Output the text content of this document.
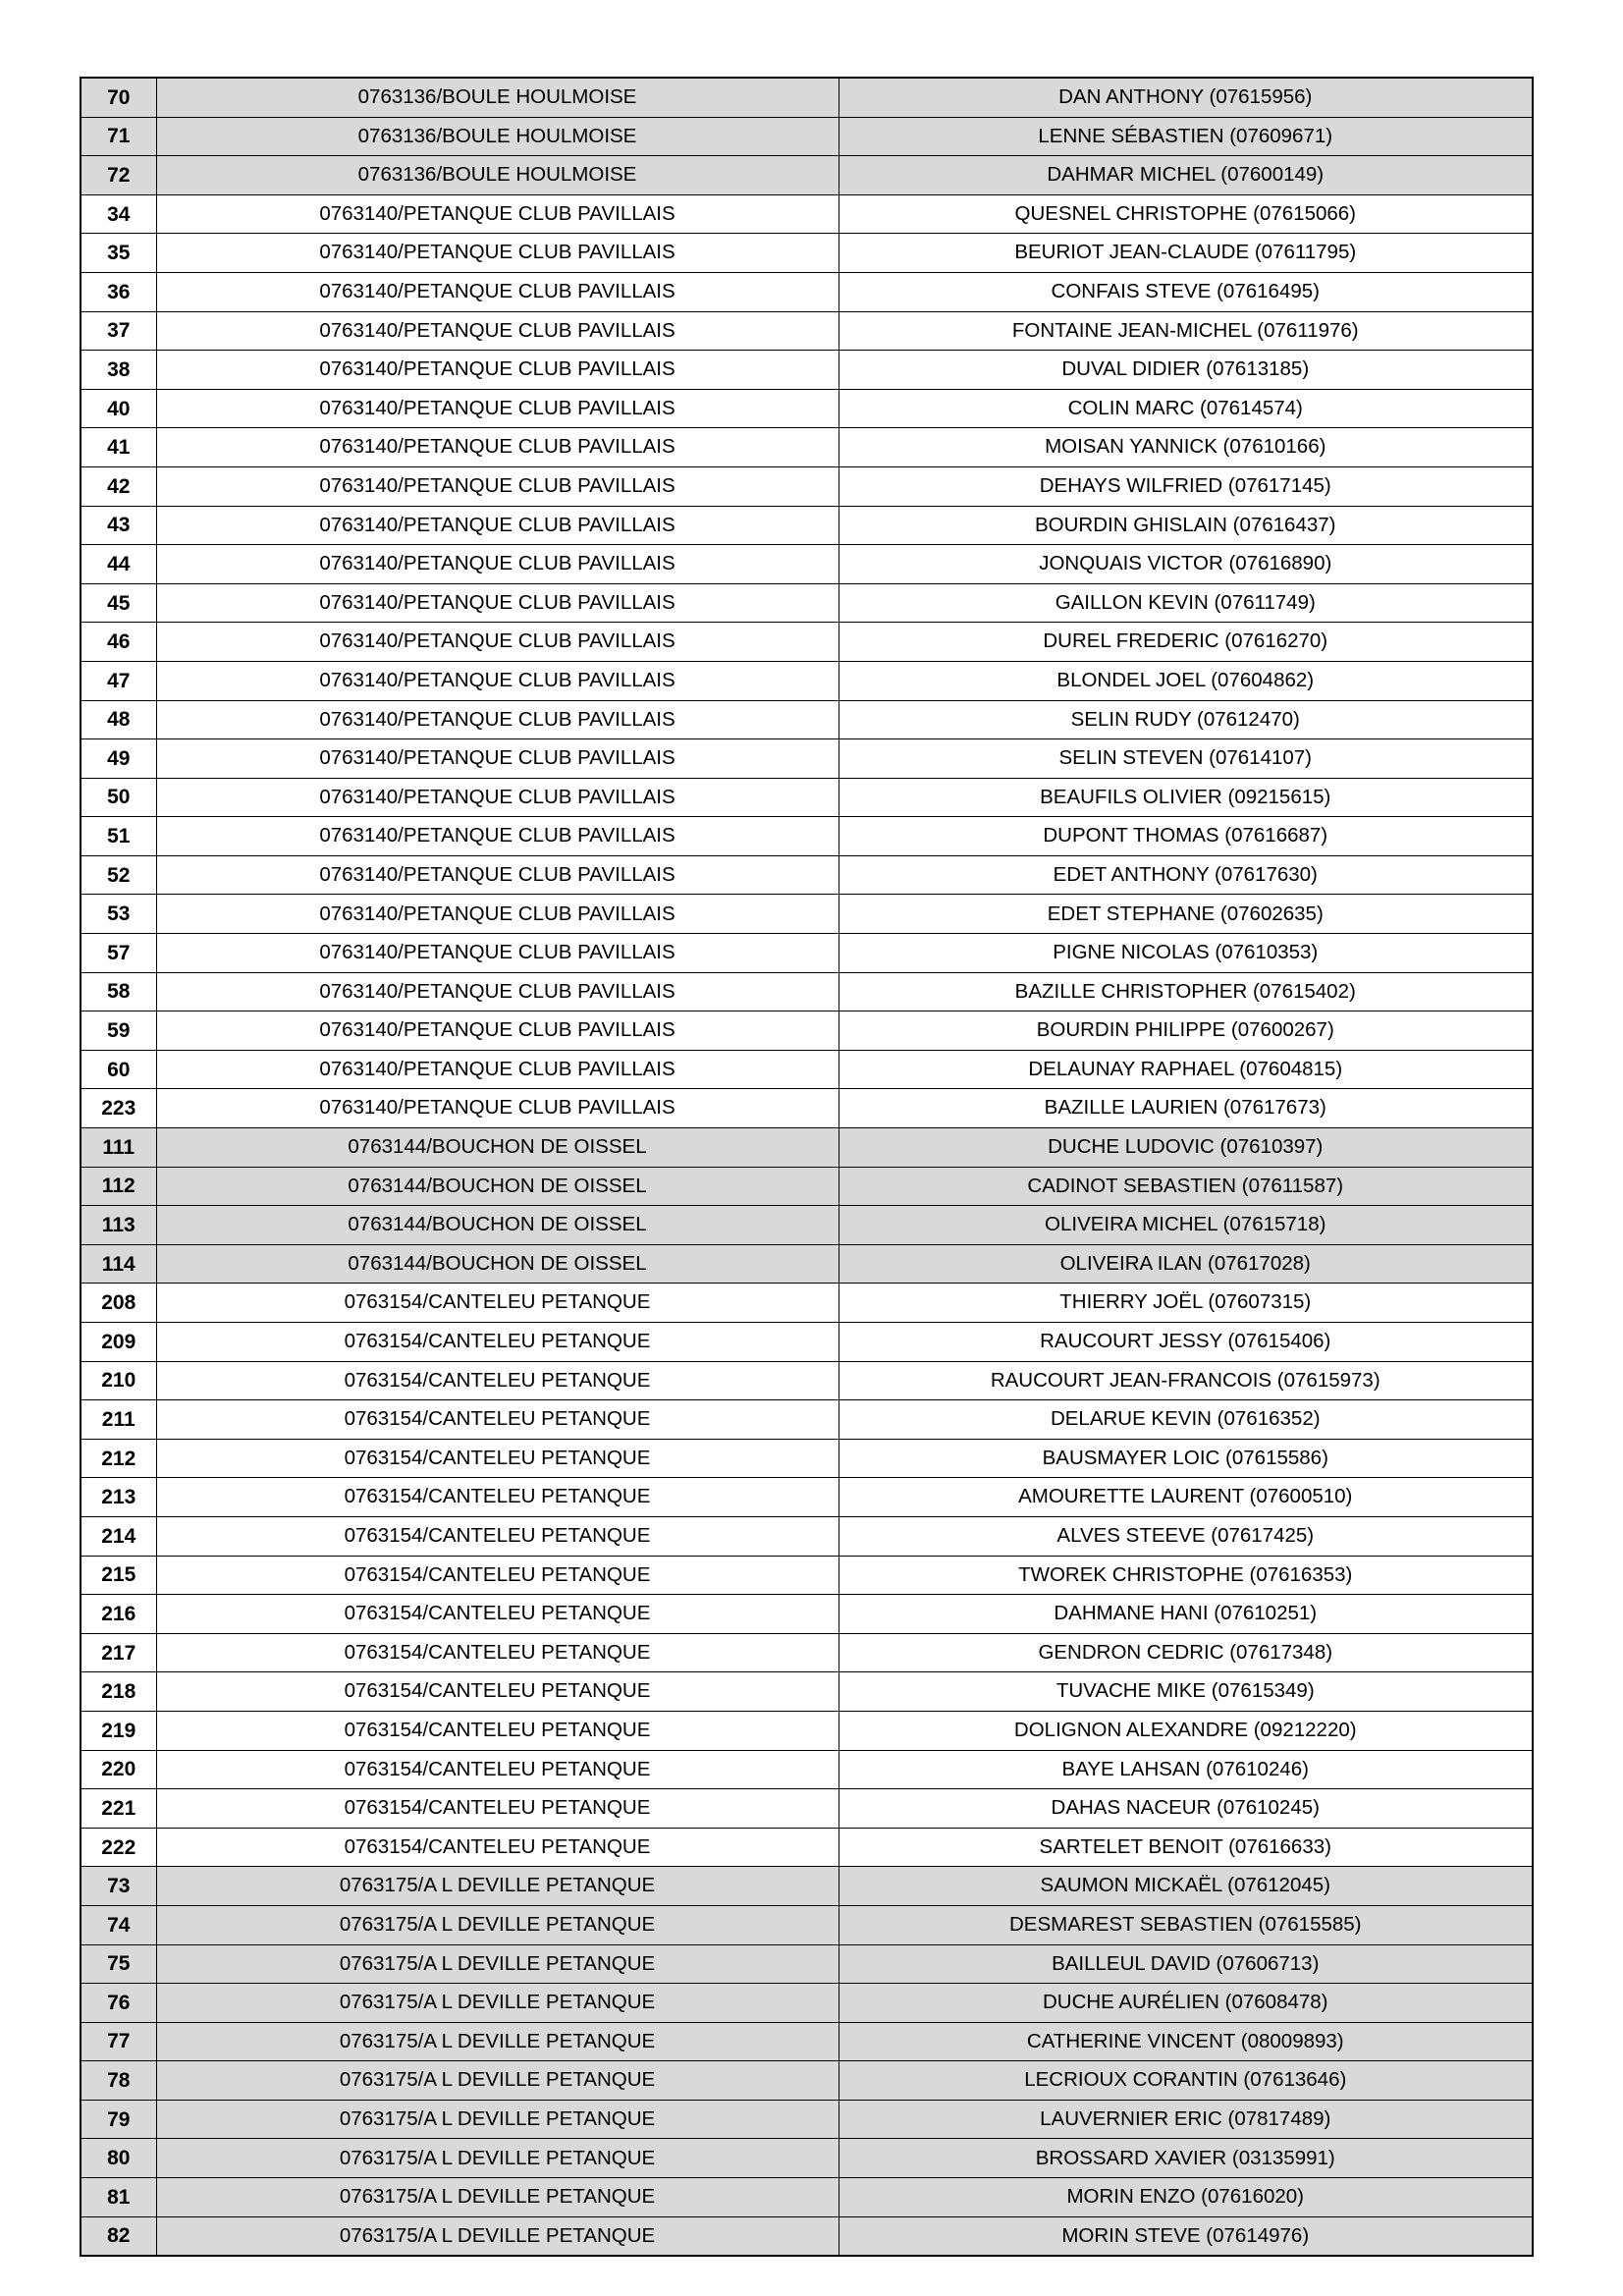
70	0763136/BOULE HOULMOISE	DAN ANTHONY (07615956)
71	0763136/BOULE HOULMOISE	LENNE SÉBASTIEN (07609671)
72	0763136/BOULE HOULMOISE	DAHMAR MICHEL (07600149)
34	0763140/PETANQUE CLUB PAVILLAIS	QUESNEL CHRISTOPHE (07615066)
35	0763140/PETANQUE CLUB PAVILLAIS	BEURIOT JEAN-CLAUDE (07611795)
36	0763140/PETANQUE CLUB PAVILLAIS	CONFAIS STEVE (07616495)
37	0763140/PETANQUE CLUB PAVILLAIS	FONTAINE JEAN-MICHEL (07611976)
38	0763140/PETANQUE CLUB PAVILLAIS	DUVAL DIDIER (07613185)
40	0763140/PETANQUE CLUB PAVILLAIS	COLIN MARC (07614574)
41	0763140/PETANQUE CLUB PAVILLAIS	MOISAN YANNICK (07610166)
42	0763140/PETANQUE CLUB PAVILLAIS	DEHAYS WILFRIED (07617145)
43	0763140/PETANQUE CLUB PAVILLAIS	BOURDIN GHISLAIN (07616437)
44	0763140/PETANQUE CLUB PAVILLAIS	JONQUAIS VICTOR (07616890)
45	0763140/PETANQUE CLUB PAVILLAIS	GAILLON KEVIN (07611749)
46	0763140/PETANQUE CLUB PAVILLAIS	DUREL FREDERIC (07616270)
47	0763140/PETANQUE CLUB PAVILLAIS	BLONDEL JOEL (07604862)
48	0763140/PETANQUE CLUB PAVILLAIS	SELIN RUDY (07612470)
49	0763140/PETANQUE CLUB PAVILLAIS	SELIN STEVEN (07614107)
50	0763140/PETANQUE CLUB PAVILLAIS	BEAUFILS OLIVIER (09215615)
51	0763140/PETANQUE CLUB PAVILLAIS	DUPONT THOMAS (07616687)
52	0763140/PETANQUE CLUB PAVILLAIS	EDET ANTHONY (07617630)
53	0763140/PETANQUE CLUB PAVILLAIS	EDET STEPHANE (07602635)
57	0763140/PETANQUE CLUB PAVILLAIS	PIGNE NICOLAS (07610353)
58	0763140/PETANQUE CLUB PAVILLAIS	BAZILLE CHRISTOPHER (07615402)
59	0763140/PETANQUE CLUB PAVILLAIS	BOURDIN PHILIPPE (07600267)
60	0763140/PETANQUE CLUB PAVILLAIS	DELAUNAY RAPHAEL (07604815)
223	0763140/PETANQUE CLUB PAVILLAIS	BAZILLE LAURIEN (07617673)
111	0763144/BOUCHON DE OISSEL	DUCHE LUDOVIC (07610397)
112	0763144/BOUCHON DE OISSEL	CADINOT SEBASTIEN (07611587)
113	0763144/BOUCHON DE OISSEL	OLIVEIRA MICHEL (07615718)
114	0763144/BOUCHON DE OISSEL	OLIVEIRA ILAN (07617028)
208	0763154/CANTELEU PETANQUE	THIERRY JOËL (07607315)
209	0763154/CANTELEU PETANQUE	RAUCOURT JESSY (07615406)
210	0763154/CANTELEU PETANQUE	RAUCOURT JEAN-FRANCOIS (07615973)
211	0763154/CANTELEU PETANQUE	DELARUE KEVIN (07616352)
212	0763154/CANTELEU PETANQUE	BAUSMAYER LOIC (07615586)
213	0763154/CANTELEU PETANQUE	AMOURETTE LAURENT (07600510)
214	0763154/CANTELEU PETANQUE	ALVES STEEVE (07617425)
215	0763154/CANTELEU PETANQUE	TWOREK CHRISTOPHE (07616353)
216	0763154/CANTELEU PETANQUE	DAHMANE HANI (07610251)
217	0763154/CANTELEU PETANQUE	GENDRON CEDRIC (07617348)
218	0763154/CANTELEU PETANQUE	TUVACHE MIKE (07615349)
219	0763154/CANTELEU PETANQUE	DOLIGNON ALEXANDRE (09212220)
220	0763154/CANTELEU PETANQUE	BAYE LAHSAN (07610246)
221	0763154/CANTELEU PETANQUE	DAHAS NACEUR (07610245)
222	0763154/CANTELEU PETANQUE	SARTELET BENOIT (07616633)
73	0763175/A L DEVILLE PETANQUE	SAUMON MICKAËL (07612045)
74	0763175/A L DEVILLE PETANQUE	DESMAREST SEBASTIEN (07615585)
75	0763175/A L DEVILLE PETANQUE	BAILLEUL DAVID (07606713)
76	0763175/A L DEVILLE PETANQUE	DUCHE AURÉLIEN (07608478)
77	0763175/A L DEVILLE PETANQUE	CATHERINE VINCENT (08009893)
78	0763175/A L DEVILLE PETANQUE	LECRIOUX CORANTIN (07613646)
79	0763175/A L DEVILLE PETANQUE	LAUVERNIER ERIC (07817489)
80	0763175/A L DEVILLE PETANQUE	BROSSARD XAVIER (03135991)
81	0763175/A L DEVILLE PETANQUE	MORIN ENZO (07616020)
82	0763175/A L DEVILLE PETANQUE	MORIN STEVE (07614976)
